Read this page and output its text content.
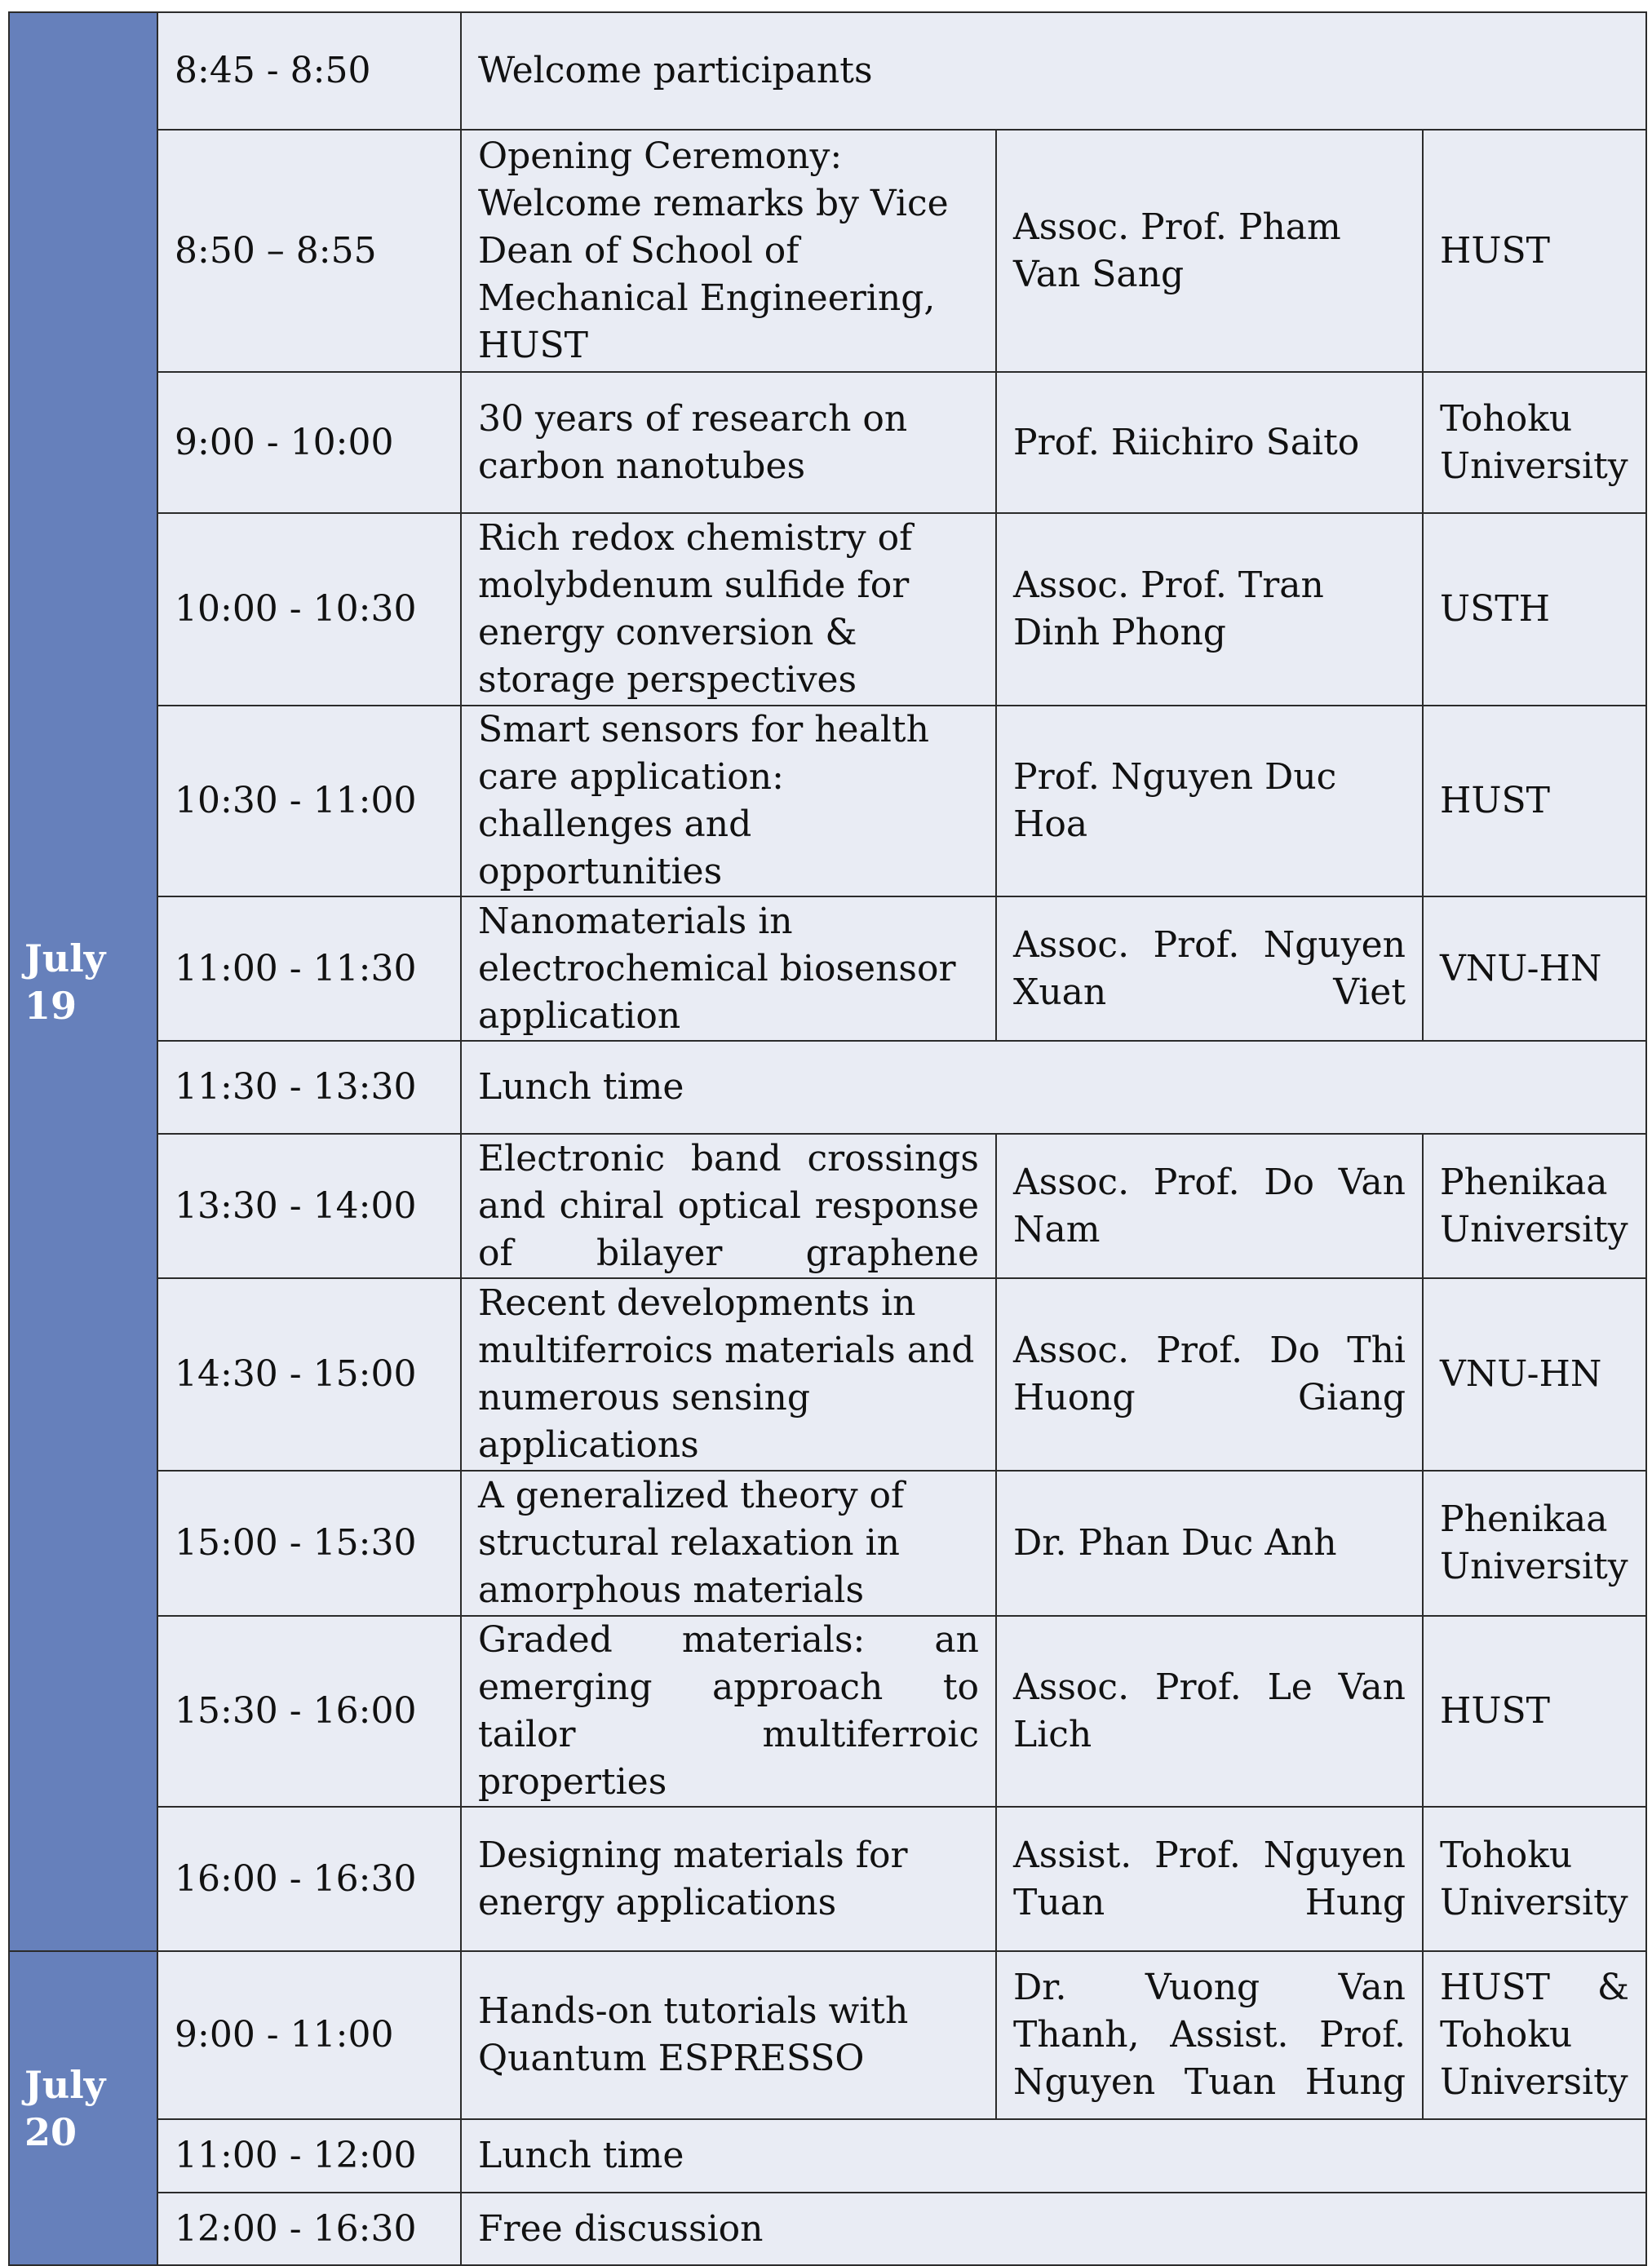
July
19	8:45 - 8:50	Welcome participants		
	8:50 – 8:55	Opening Ceremony: Welcome remarks by Vice Dean of School of Mechanical Engineering, HUST	Assoc. Prof. Pham Van Sang	HUST
	9:00 - 10:00	30 years of research on carbon nanotubes	Prof. Riichiro Saito	Tohoku University
	10:00 - 10:30	Rich redox chemistry of molybdenum sulfide for energy conversion & storage perspectives	Assoc. Prof. Tran Dinh Phong	USTH
	10:30 - 11:00	Smart sensors for health care application: challenges and opportunities	Prof. Nguyen Duc Hoa	HUST
	11:00 - 11:30	Nanomaterials in electrochemical biosensor application	Assoc. Prof. Nguyen Xuan Viet	VNU-HN
	11:30 - 13:30	Lunch time		
	13:30 - 14:00	Electronic band crossings and chiral optical response of bilayer graphene	Assoc. Prof. Do Van Nam	Phenikaa University
	14:30 - 15:00	Recent developments in multiferroics materials and numerous sensing applications	Assoc. Prof. Do Thi Huong Giang	VNU-HN
	15:00 - 15:30	A generalized theory of structural relaxation in amorphous materials	Dr. Phan Duc Anh	Phenikaa University
	15:30 - 16:00	Graded materials: an emerging approach to tailor multiferroic properties	Assoc. Prof. Le Van Lich	HUST
	16:00 - 16:30	Designing materials for energy applications	Assist. Prof. Nguyen Tuan Hung	Tohoku University
July
20	9:00 - 11:00	Hands-on tutorials with Quantum ESPRESSO	Dr. Vuong Van Thanh, Assist. Prof. Nguyen Tuan Hung	HUST & Tohoku University
	11:00 - 12:00	Lunch time		
	12:00 - 16:30	Free discussion		
